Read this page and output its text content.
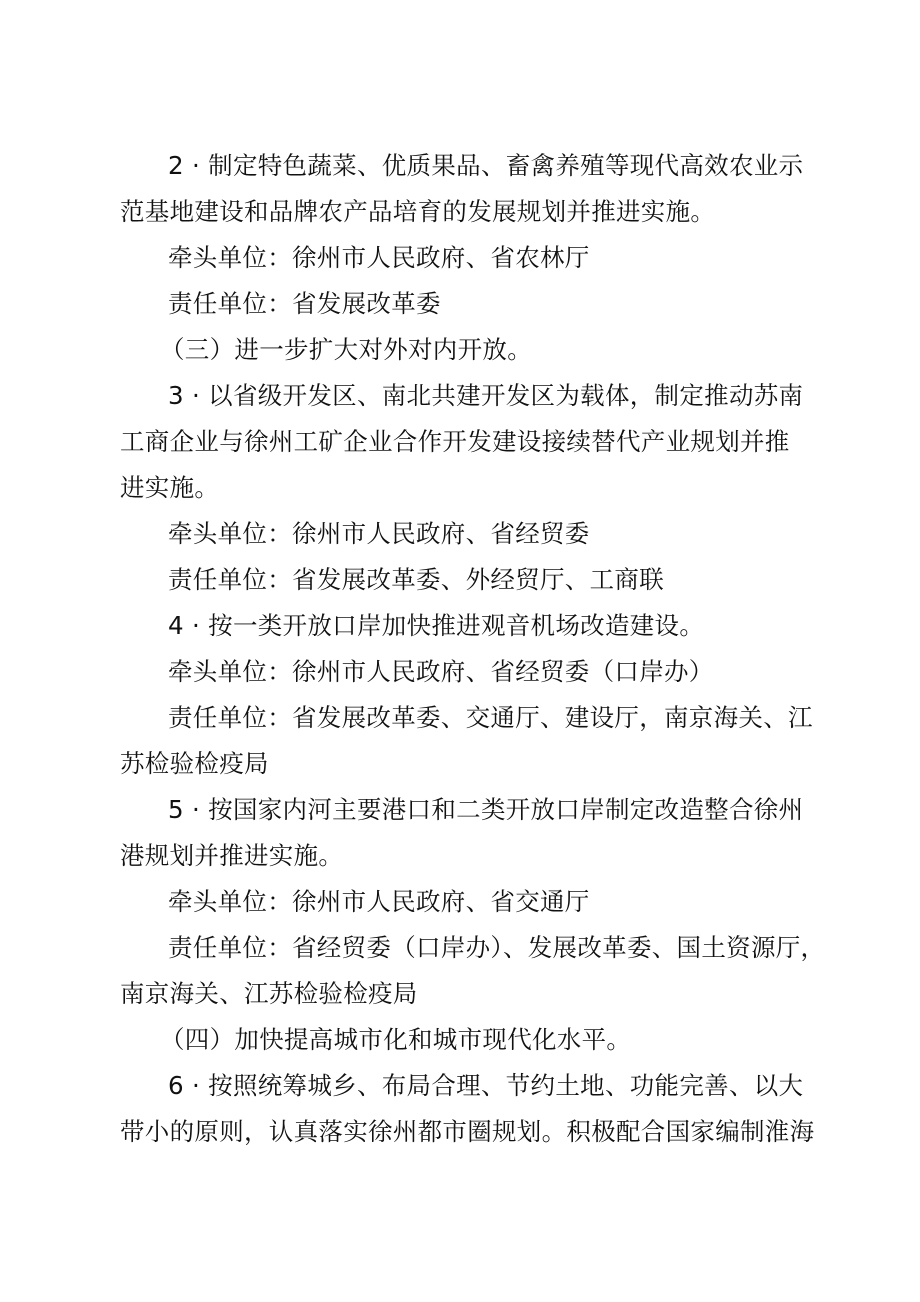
2 · 制定特色蔬菜、优质果品、畜禽养殖等现代高效农业示
范基地建设和品牌农产品培育的发展规划并推进实施。
牵头单位：徐州市人民政府、省农林厅
责任单位：省发展改革委
（三）进一步扩大对外对内开放。
3 · 以省级开发区、南北共建开发区为载体，制定推动苏南
工商企业与徐州工矿企业合作开发建设接续替代产业规划并推
进实施。
牵头单位：徐州市人民政府、省经贸委
责任单位：省发展改革委、外经贸厅、工商联
4 · 按一类开放口岸加快推进观音机场改造建设。
牵头单位：徐州市人民政府、省经贸委（口岸办）
责任单位：省发展改革委、交通厅、建设厅，南京海关、江
苏检验检疫局
5 · 按国家内河主要港口和二类开放口岸制定改造整合徐州
港规划并推进实施。
牵头单位：徐州市人民政府、省交通厅
责任单位：省经贸委（口岸办）、发展改革委、国土资源厅，
南京海关、江苏检验检疫局
（四）加快提高城市化和城市现代化水平。
6 · 按照统筹城乡、布局合理、节约土地、功能完善、以大
带小的原则，认真落实徐州都市圈规划。积极配合国家编制淮海
